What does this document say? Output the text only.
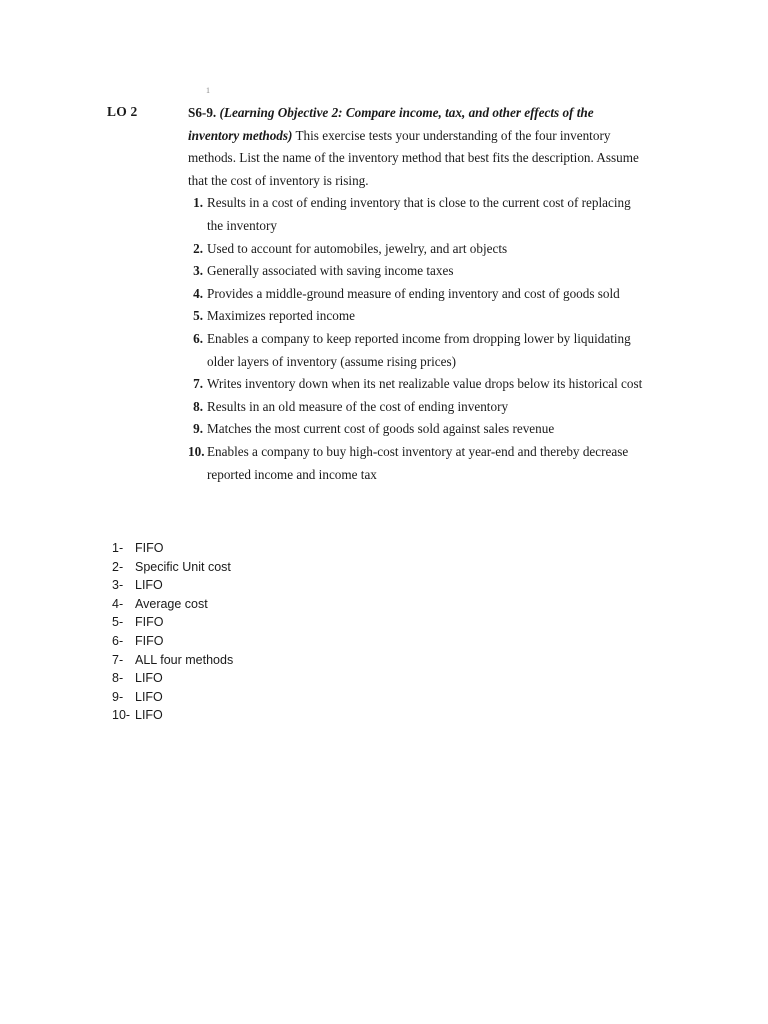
1
LO 2	S6-9. (Learning Objective 2: Compare income, tax, and other effects of the inventory methods) This exercise tests your understanding of the four inventory methods. List the name of the inventory method that best fits the description. Assume that the cost of inventory is rising.

1. Results in a cost of ending inventory that is close to the current cost of replacing the inventory
2. Used to account for automobiles, jewelry, and art objects
3. Generally associated with saving income taxes
4. Provides a middle-ground measure of ending inventory and cost of goods sold
5. Maximizes reported income
6. Enables a company to keep reported income from dropping lower by liquidating older layers of inventory (assume rising prices)
7. Writes inventory down when its net realizable value drops below its historical cost
8. Results in an old measure of the cost of ending inventory
9. Matches the most current cost of goods sold against sales revenue
10. Enables a company to buy high-cost inventory at year-end and thereby decrease reported income and income tax
1- FIFO
2- Specific Unit cost
3- LIFO
4- Average cost
5- FIFO
6- FIFO
7- ALL four methods
8- LIFO
9- LIFO
10- LIFO
